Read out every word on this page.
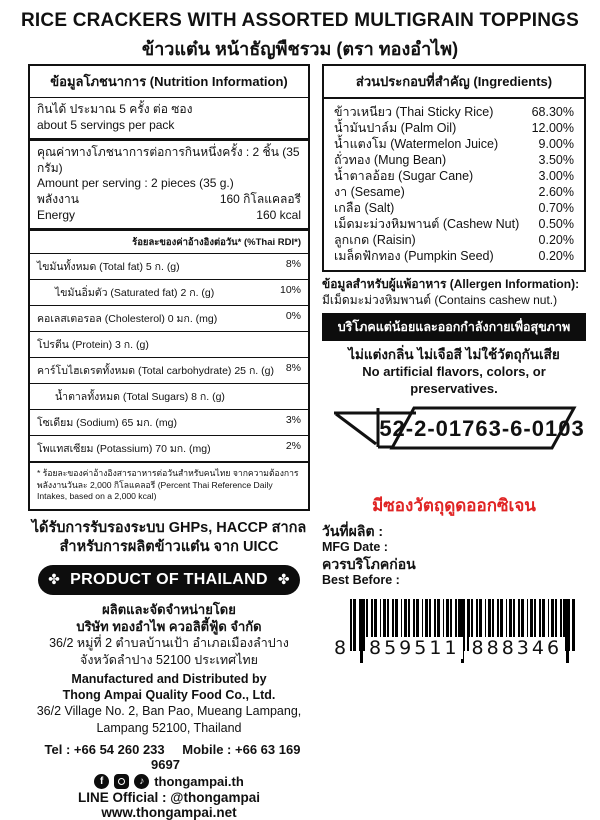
RICE CRACKERS WITH ASSORTED MULTIGRAIN TOPPINGS
ข้าวแต๋น หน้าธัญพืชรวม (ตรา ทองอำไพ)
ข้อมูลโภชนาการ (Nutrition Information)
กินได้ ประมาณ 5 ครั้ง ต่อ ซอง
about 5 servings per pack
คุณค่าทางโภชนาการต่อการกินหนึ่งครั้ง : 2 ชิ้น (35 กรัม)
Amount per serving : 2 pieces (35 g.)
พลังงาน	160 กิโลแคลอรี
Energy	160 kcal
ร้อยละของค่าอ้างอิงต่อวัน* (%Thai RDI*)
ไขมันทั้งหมด (Total fat) 5 ก. (g)	8%
ไขมันอิ่มตัว (Saturated fat) 2 ก. (g)	10%
คอเลสเตอรอล (Cholesterol) 0 มก. (mg)	0%
โปรตีน (Protein) 3 ก. (g)
คาร์โบไฮเดรตทั้งหมด (Total carbohydrate) 25 ก. (g) 8%
น้ำตาลทั้งหมด (Total Sugars) 8 ก. (g)
โซเดียม (Sodium) 65 มก. (mg)	3%
โพแทสเซียม (Potassium) 70 มก. (mg)	2%
* ร้อยละของค่าอ้างอิงสารอาหารต่อวันสำหรับคนไทย จากความต้องการพลังงานวันละ 2,000 กิโลแคลอรี (Percent Thai Reference Daily Intakes, based on a 2,000 kcal)
ได้รับการรับรองระบบ GHPs, HACCP สากล
สำหรับการผลิตข้าวแต๋น จาก UICC
✤ PRODUCT OF THAILAND ✤
ผลิตและจัดจำหน่ายโดย
บริษัท ทองอำไพ ควอลิตี้ฟู้ด จำกัด
36/2 หมู่ที่ 2 ตำบลบ้านเป้า อำเภอเมืองลำปาง
จังหวัดลำปาง 52100 ประเทศไทย
Manufactured and Distributed by
Thong Ampai Quality Food Co., Ltd.
36/2 Village No. 2, Ban Pao, Mueang Lampang,
Lampang 52100, Thailand
Tel : +66 54 260 233 Mobile : +66 63 169 9697
f	♪ thongampai.th
LINE Official : @thongampai
www.thongampai.net
ส่วนประกอบที่สำคัญ (Ingredients)
ข้าวเหนียว (Thai Sticky Rice)	68.30%
น้ำมันปาล์ม (Palm Oil)	12.00%
น้ำแตงโม (Watermelon Juice)	9.00%
ถั่วทอง (Mung Bean)	3.50%
น้ำตาลอ้อย (Sugar Cane)	3.00%
งา (Sesame)	2.60%
เกลือ (Salt)	0.70%
เม็ดมะม่วงหิมพานต์ (Cashew Nut) 0.50%
ลูกเกด (Raisin)	0.20%
เมล็ดฟักทอง (Pumpkin Seed)	0.20%
ข้อมูลสำหรับผู้แพ้อาหาร (Allergen Information):
มีเม็ดมะม่วงหิมพานต์ (Contains cashew nut.)
บริโภคแต่น้อยและออกกำลังกายเพื่อสุขภาพ
ไม่แต่งกลิ่น ไม่เจือสี ไม่ใช้วัตถุกันเสีย
No artificial flavors, colors, or preservatives.
52-2-01763-6-0103
มีซองวัตถุดูดออกซิเจน
วันที่ผลิต :
MFG Date :
ควรบริโภคก่อน
Best Before :
8 859511 888346
